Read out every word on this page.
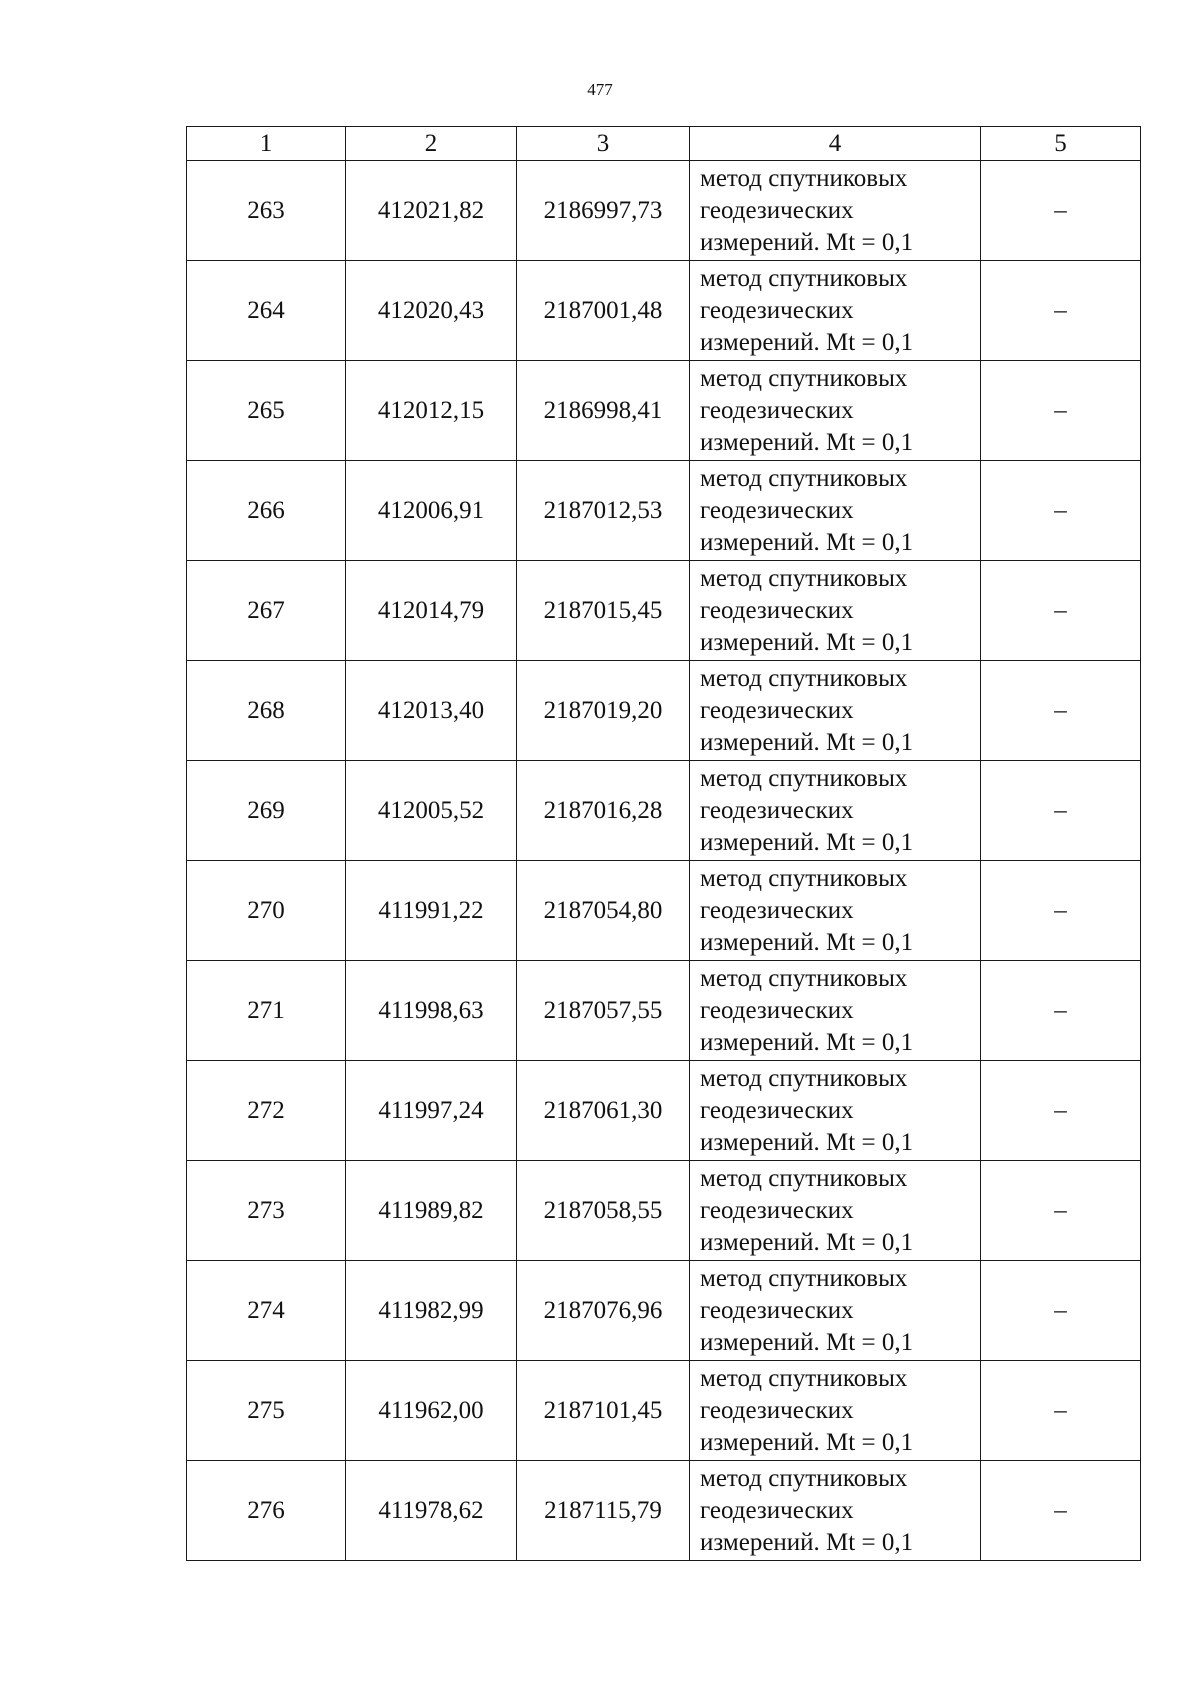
477
1	2	3	4	5
263	412021,82	2186997,73	метод спутниковых
геодезических
измерений. Mt = 0,1	–
264	412020,43	2187001,48	метод спутниковых
геодезических
измерений. Mt = 0,1	–
265	412012,15	2186998,41	метод спутниковых
геодезических
измерений. Mt = 0,1	–
266	412006,91	2187012,53	метод спутниковых
геодезических
измерений. Mt = 0,1	–
267	412014,79	2187015,45	метод спутниковых
геодезических
измерений. Mt = 0,1	–
268	412013,40	2187019,20	метод спутниковых
геодезических
измерений. Mt = 0,1	–
269	412005,52	2187016,28	метод спутниковых
геодезических
измерений. Mt = 0,1	–
270	411991,22	2187054,80	метод спутниковых
геодезических
измерений. Mt = 0,1	–
271	411998,63	2187057,55	метод спутниковых
геодезических
измерений. Mt = 0,1	–
272	411997,24	2187061,30	метод спутниковых
геодезических
измерений. Mt = 0,1	–
273	411989,82	2187058,55	метод спутниковых
геодезических
измерений. Mt = 0,1	–
274	411982,99	2187076,96	метод спутниковых
геодезических
измерений. Mt = 0,1	–
275	411962,00	2187101,45	метод спутниковых
геодезических
измерений. Mt = 0,1	–
276	411978,62	2187115,79	метод спутниковых
геодезических
измерений. Mt = 0,1	–
